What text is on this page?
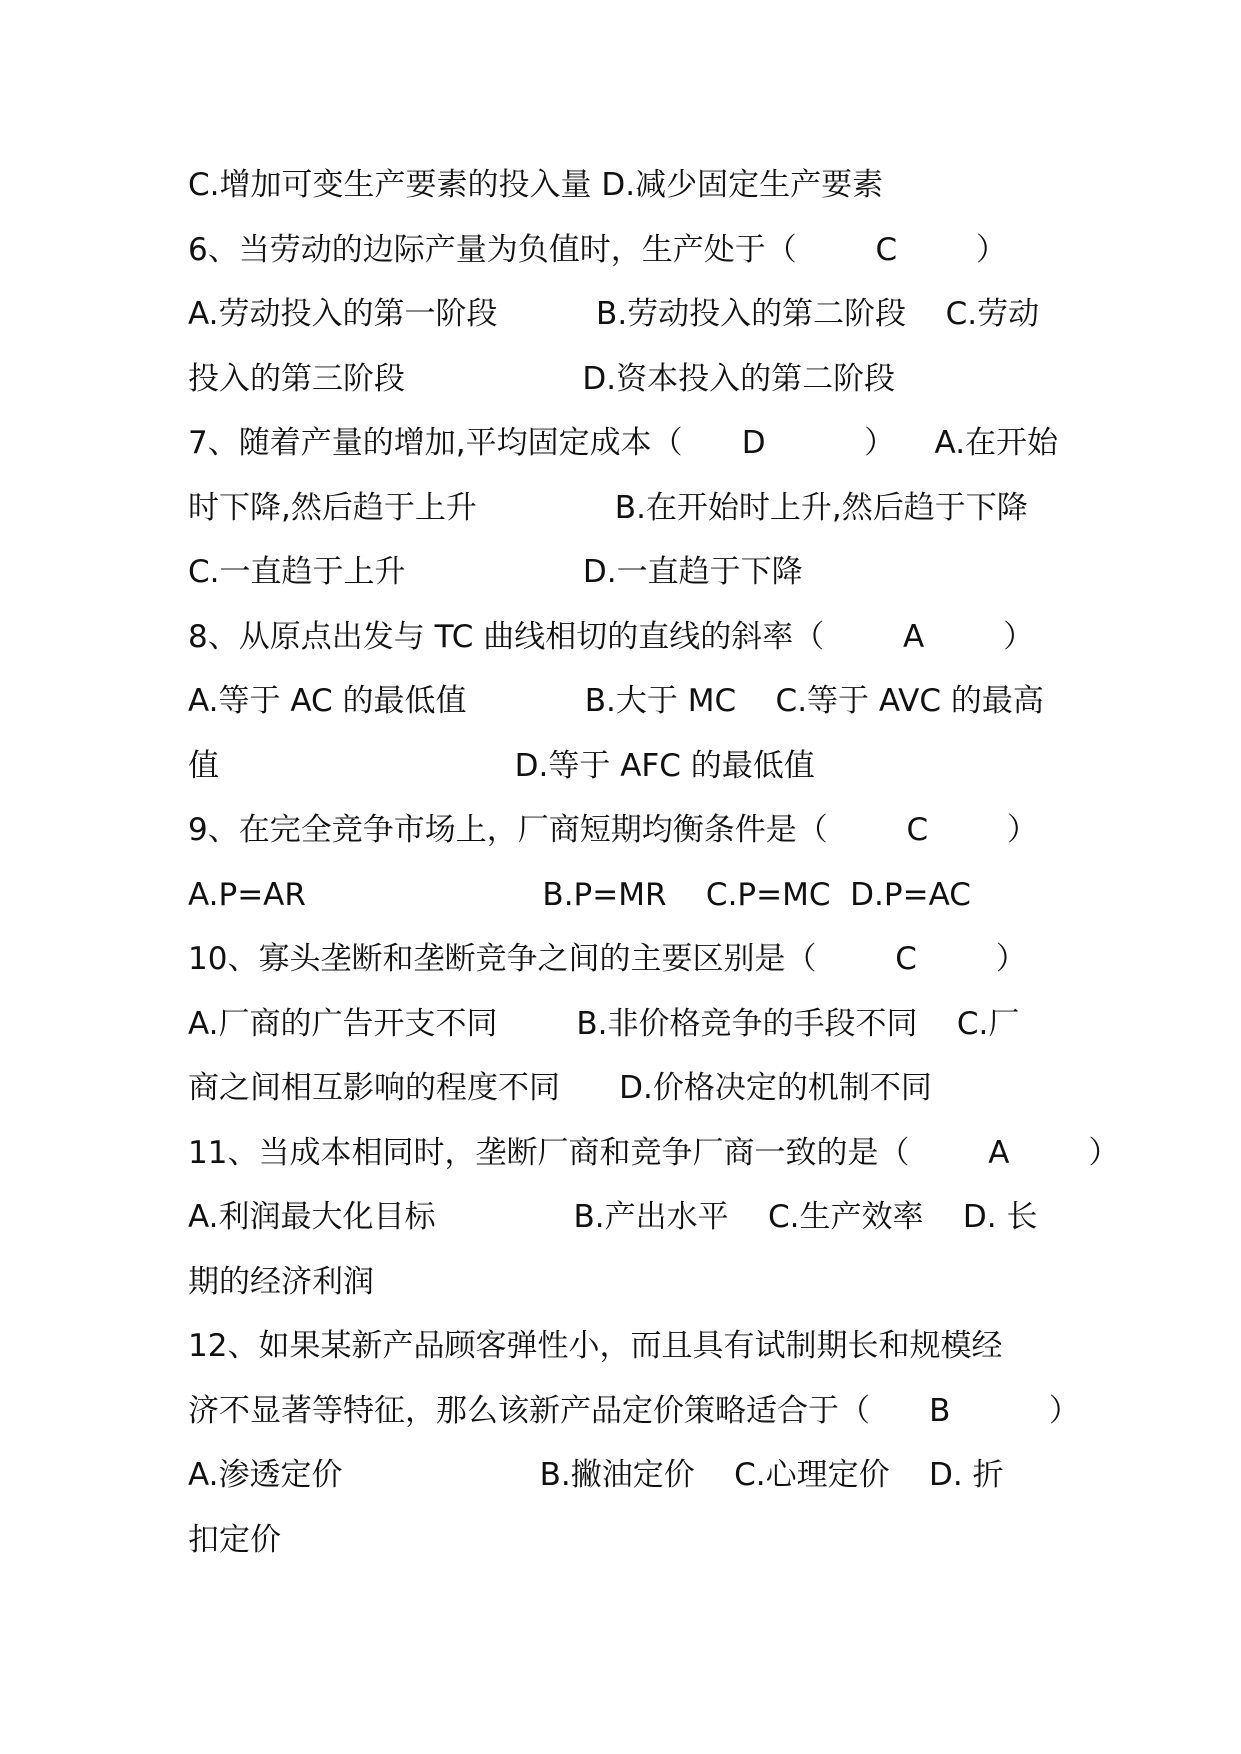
C.增加可变生产要素的投入量 D.减少固定生产要素
6、当劳动的边际产量为负值时，生产处于（        C        ）
A.劳动投入的第一阶段          B.劳动投入的第二阶段    C.劳动
投入的第三阶段                  D.资本投入的第二阶段
7、随着产量的增加,平均固定成本（      D          ）    A.在开始
时下降,然后趋于上升              B.在开始时上升,然后趋于下降
C.一直趋于上升                  D.一直趋于下降
8、从原点出发与 TC 曲线相切的直线的斜率（        A        ）
A.等于 AC 的最低值            B.大于 MC    C.等于 AVC 的最高
值                              D.等于 AFC 的最低值
9、在完全竞争市场上，厂商短期均衡条件是（        C        ）
A.P=AR                        B.P=MR    C.P=MC  D.P=AC
10、寡头垄断和垄断竞争之间的主要区别是（        C        ）
A.厂商的广告开支不同        B.非价格竞争的手段不同    C.厂
商之间相互影响的程度不同      D.价格决定的机制不同
11、当成本相同时，垄断厂商和竞争厂商一致的是（        A        ）
A.利润最大化目标              B.产出水平    C.生产效率    D. 长
期的经济利润
12、如果某新产品顾客弹性小，而且具有试制期长和规模经
济不显著等特征，那么该新产品定价策略适合于（      B          ）
A.渗透定价                    B.撇油定价    C.心理定价    D. 折
扣定价
